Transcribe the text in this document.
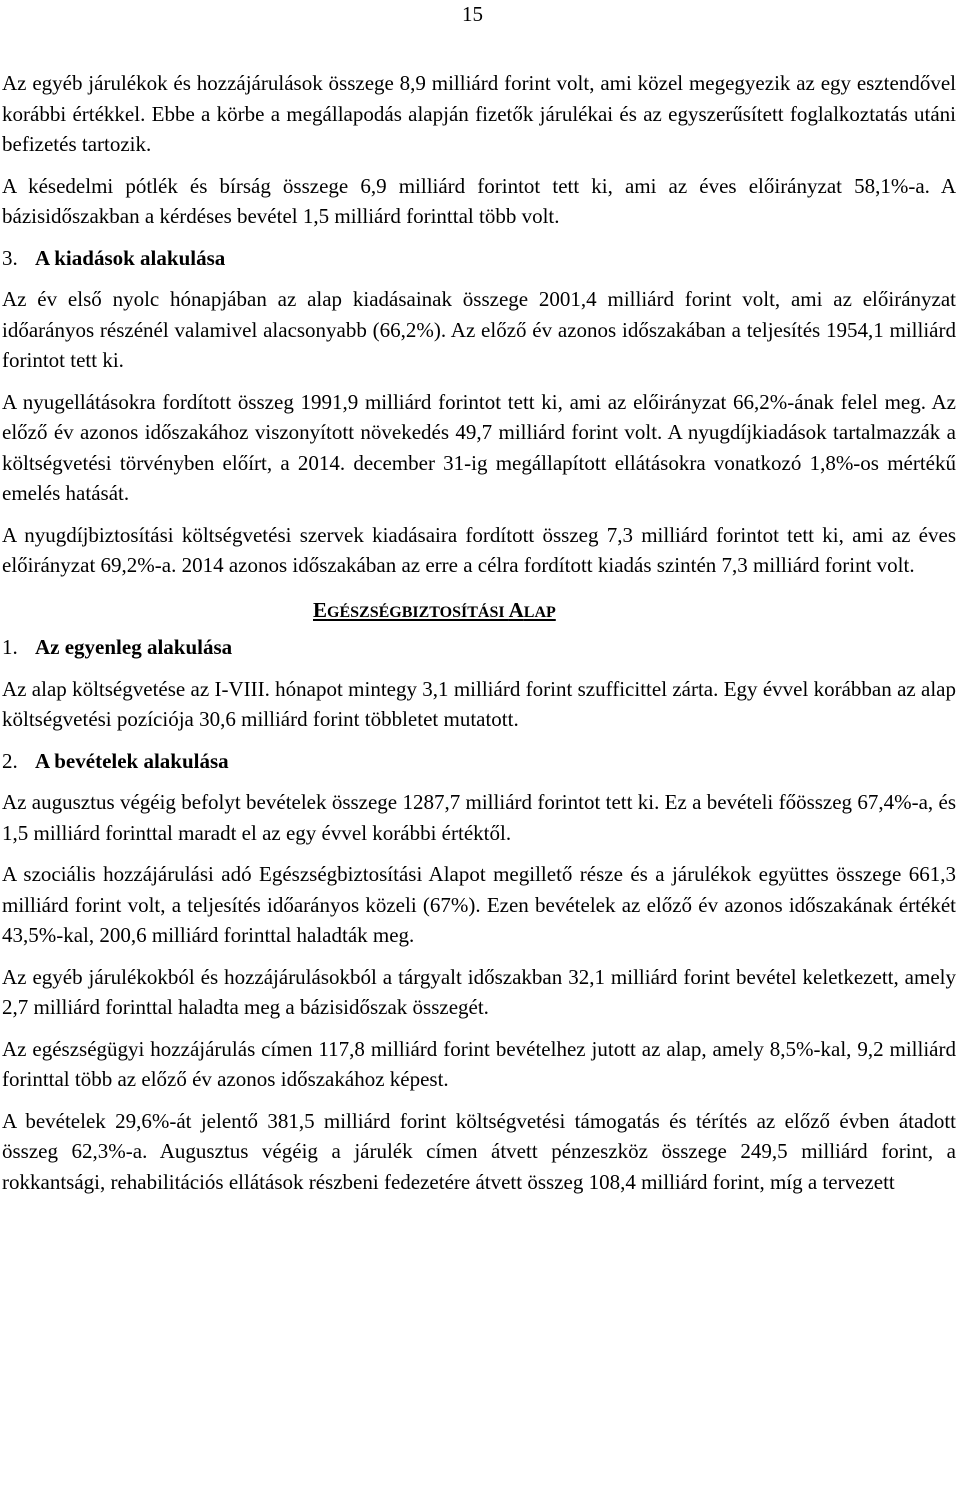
15

Az egyéb járulékok és hozzájárulások összege 8,9 milliárd forint volt, ami közel megegyezik az egy esztendővel korábbi értékkel. Ebbe a körbe a megállapodás alapján fizetők járulékai és az egyszerűsített foglalkoztatás utáni befizetés tartozik.

A késedelmi pótlék és bírság összege 6,9 milliárd forintot tett ki, ami az éves előirányzat 58,1%-a. A bázisidőszakban a kérdéses bevétel 1,5 milliárd forinttal több volt.

3. A kiadások alakulása

Az év első nyolc hónapjában az alap kiadásainak összege 2001,4 milliárd forint volt, ami az előirányzat időarányos részénél valamivel alacsonyabb (66,2%). Az előző év azonos időszakában a teljesítés 1954,1 milliárd forintot tett ki.

A nyugellátásokra fordított összeg 1991,9 milliárd forintot tett ki, ami az előirányzat 66,2%-ának felel meg. Az előző év azonos időszakához viszonyított növekedés 49,7 milliárd forint volt. A nyugdíjkiadások tartalmazzák a költségvetési törvényben előírt, a 2014. december 31-ig megállapított ellátásokra vonatkozó 1,8%-os mértékű emelés hatását.

A nyugdíjbiztosítási költségvetési szervek kiadásaira fordított összeg 7,3 milliárd forintot tett ki, ami az éves előirányzat 69,2%-a. 2014 azonos időszakában az erre a célra fordított kiadás szintén 7,3 milliárd forint volt.

EGÉSZSÉGBIZTOSÍTÁSI ALAP
1. Az egyenleg alakulása

Az alap költségvetése az I-VIII. hónapot mintegy 3,1 milliárd forint szufficittel zárta. Egy évvel korábban az alap költségvetési pozíciója 30,6 milliárd forint többletet mutatott.

2. A bevételek alakulása

Az augusztus végéig befolyt bevételek összege 1287,7 milliárd forintot tett ki. Ez a bevételi főösszeg 67,4%-a, és 1,5 milliárd forinttal maradt el az egy évvel korábbi értéktől.

A szociális hozzájárulási adó Egészségbiztosítási Alapot megillető része és a járulékok együttes összege 661,3 milliárd forint volt, a teljesítés időarányos közeli (67%). Ezen bevételek az előző év azonos időszakának értékét 43,5%-kal, 200,6 milliárd forinttal haladták meg.

Az egyéb járulékokból és hozzájárulásokból a tárgyalt időszakban 32,1 milliárd forint bevétel keletkezett, amely 2,7 milliárd forinttal haladta meg a bázisidőszak összegét.

Az egészségügyi hozzájárulás címen 117,8 milliárd forint bevételhez jutott az alap, amely 8,5%-kal, 9,2 milliárd forinttal több az előző év azonos időszakához képest.

A bevételek 29,6%-át jelentő 381,5 milliárd forint költségvetési támogatás és térítés az előző évben átadott összeg 62,3%-a. Augusztus végéig a járulék címen átvett pénzeszköz összege 249,5 milliárd forint, a rokkantsági, rehabilitációs ellátások részbeni fedezetére átvett összeg 108,4 milliárd forint, míg a tervezett
